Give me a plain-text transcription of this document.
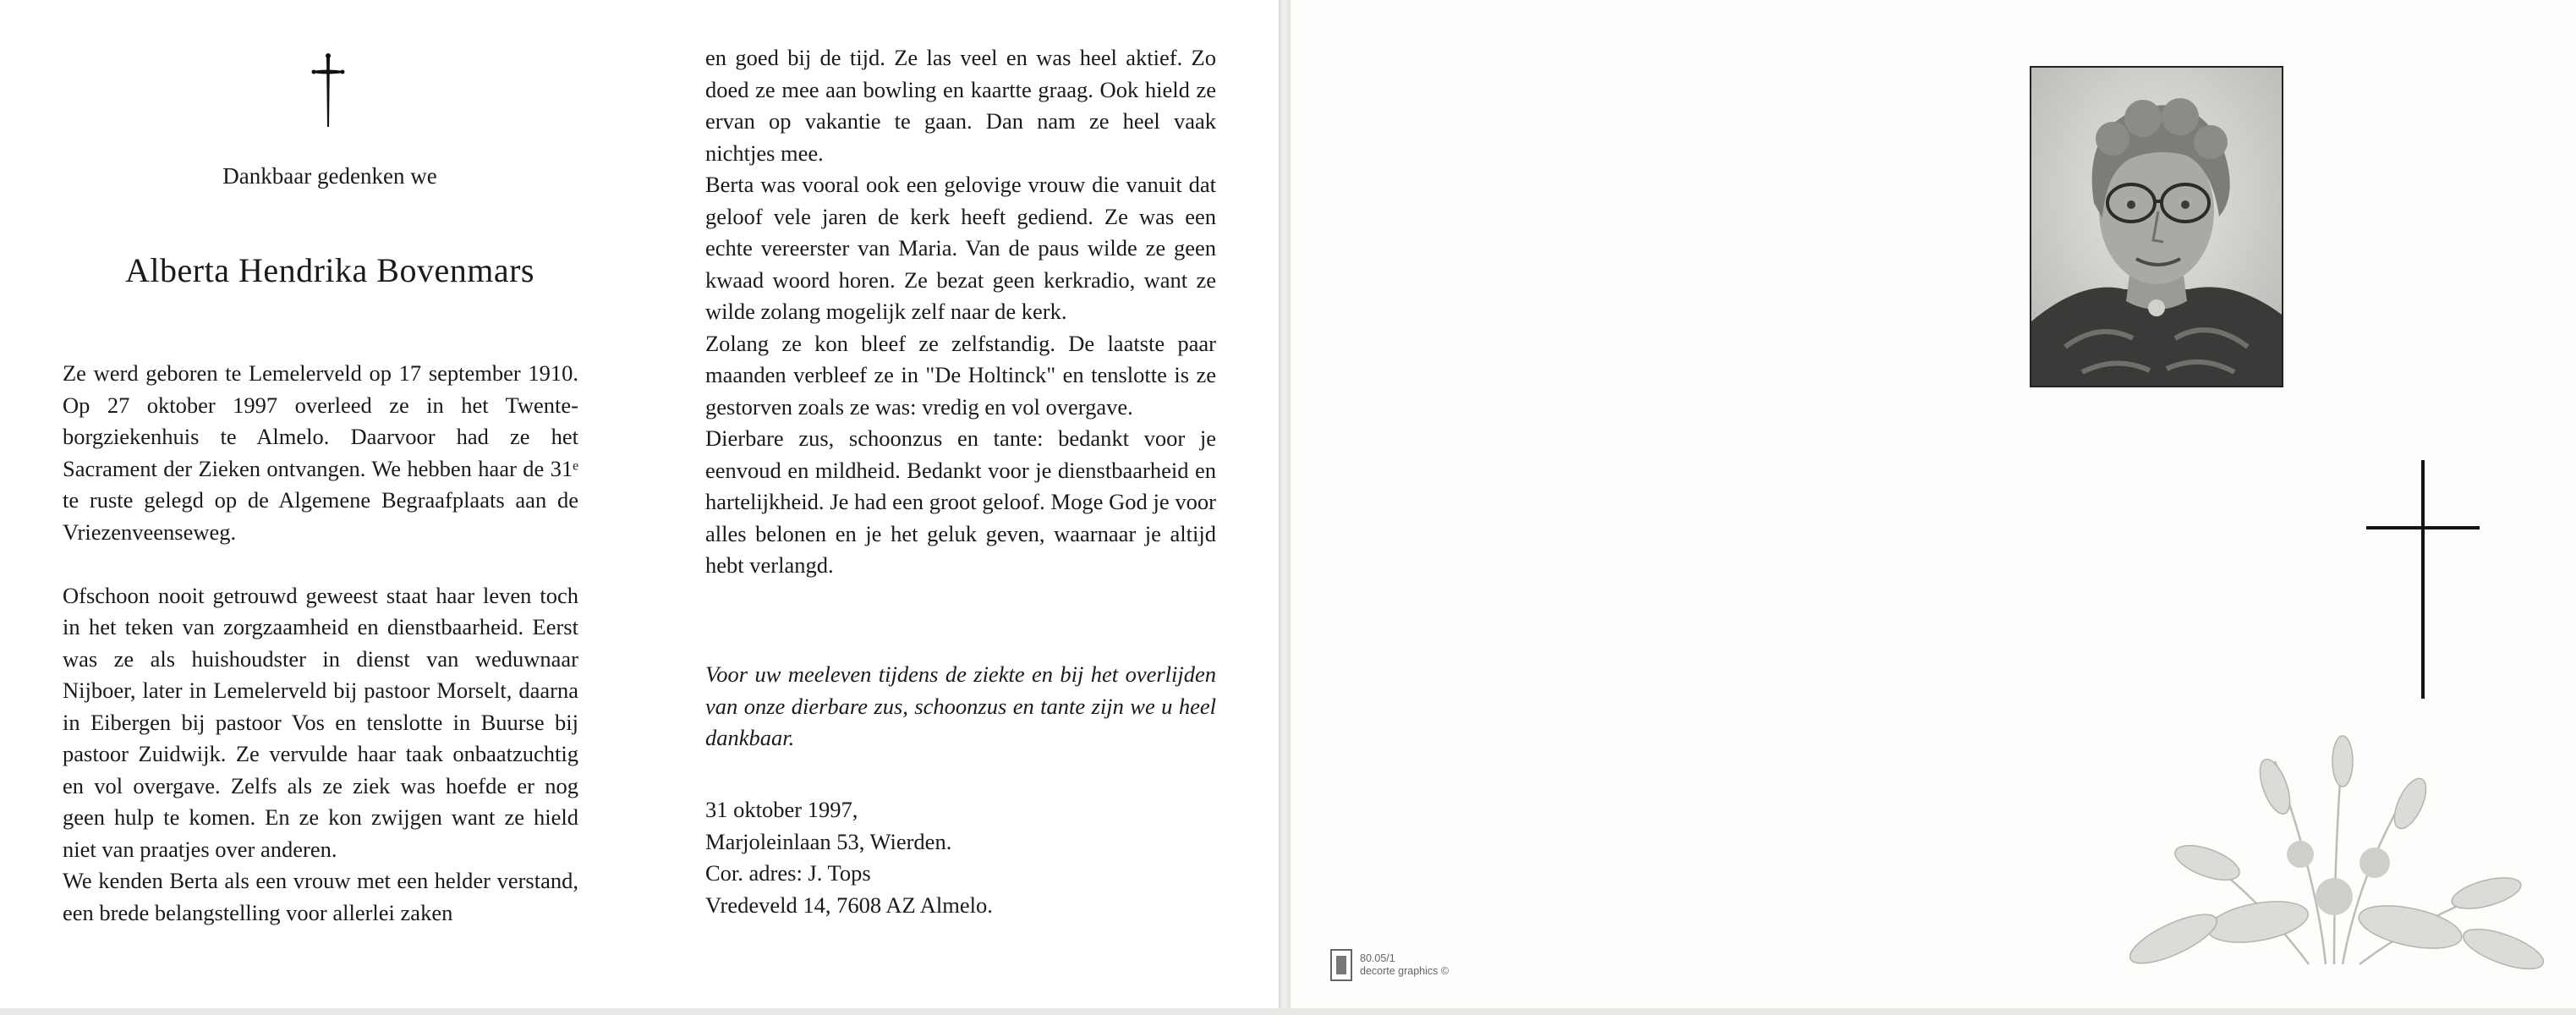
Dankbaar gedenken we
Alberta Hendrika Bovenmars

Ze werd geboren te Lemelerveld op 17 september 1910. Op 27 oktober 1997 overleed ze in het Twente-borgziekenhuis te Almelo. Daarvoor had ze het Sacrament der Zieken ontvangen. We hebben haar de 31ᵉ te ruste gelegd op de Algemene Begraafplaats aan de Vriezenveenseweg.

Ofschoon nooit getrouwd geweest staat haar leven toch in het teken van zorgzaamheid en dienstbaarheid. Eerst was ze als huishoudster in dienst van weduwnaar Nijboer, later in Lemelerveld bij pastoor Morselt, daarna in Eibergen bij pastoor Vos en tenslotte in Buurse bij pastoor Zuidwijk. Ze vervulde haar taak onbaatzuchtig en vol overgave. Zelfs als ze ziek was hoefde er nog geen hulp te komen. En ze kon zwijgen want ze hield niet van praatjes over anderen.

We kenden Berta als een vrouw met een helder verstand, een brede belangstelling voor allerlei zaken

en goed bij de tijd. Ze las veel en was heel aktief. Zo doed ze mee aan bowling en kaartte graag. Ook hield ze ervan op vakantie te gaan. Dan nam ze heel vaak nichtjes mee.

Berta was vooral ook een gelovige vrouw die vanuit dat geloof vele jaren de kerk heeft gediend. Ze was een echte vereerster van Maria. Van de paus wilde ze geen kwaad woord horen. Ze bezat geen kerkradio, want ze wilde zolang mogelijk zelf naar de kerk.

Zolang ze kon bleef ze zelfstandig. De laatste paar maanden verbleef ze in "De Holtinck" en tenslotte is ze gestorven zoals ze was: vredig en vol overgave.

Dierbare zus, schoonzus en tante: bedankt voor je eenvoud en mildheid. Bedankt voor je dienstbaarheid en hartelijkheid. Je had een groot geloof. Moge God je voor alles belonen en je het geluk geven, waarnaar je altijd hebt verlangd.

Voor uw meeleven tijdens de ziekte en bij het overlijden van onze dierbare zus, schoonzus en tante zijn we u heel dankbaar.
31 oktober 1997,
Marjoleinlaan 53, Wierden.
Cor. adres: J. Tops
Vredeveld 14, 7608 AZ Almelo.
80.05/1
decorte graphics ©
